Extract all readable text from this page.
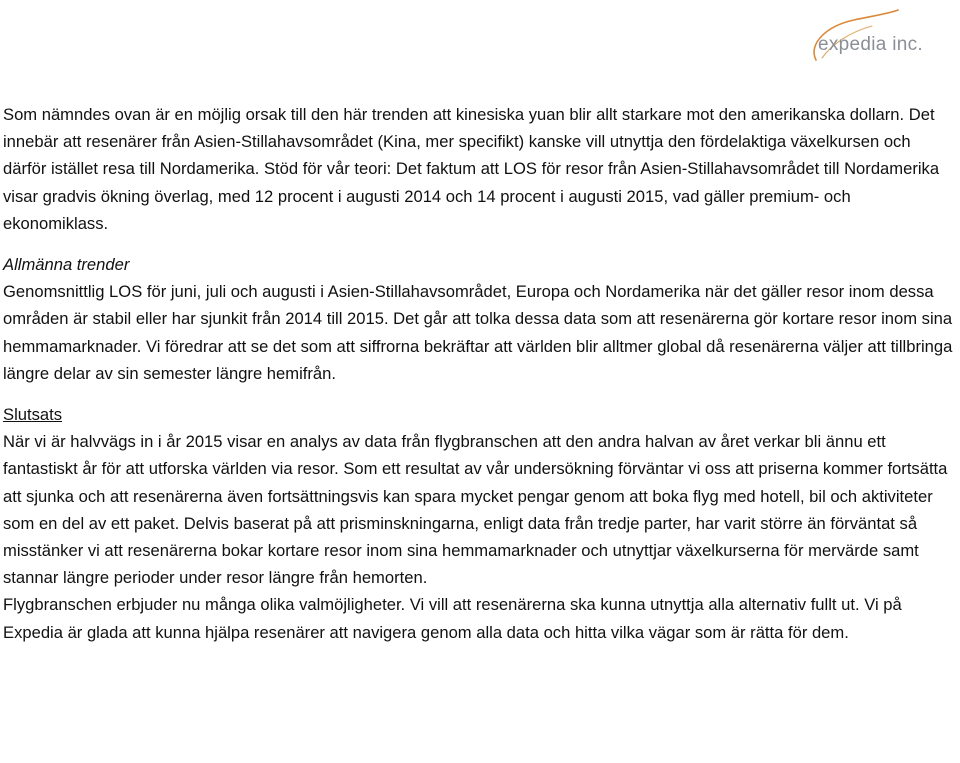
expedia inc.

Som nämndes ovan är en möjlig orsak till den här trenden att kinesiska yuan blir allt starkare mot den amerikanska dollarn. Det innebär att resenärer från Asien-Stillahavsområdet (Kina, mer specifikt) kanske vill utnyttja den fördelaktiga växelkursen och därför istället resa till Nordamerika. Stöd för vår teori: Det faktum att LOS för resor från Asien-Stillahavsområdet till Nordamerika visar gradvis ökning överlag, med 12 procent i augusti 2014 och 14 procent i augusti 2015, vad gäller premium- och ekonomiklass.

Allmänna trender

Genomsnittlig LOS för juni, juli och augusti i Asien-Stillahavsområdet, Europa och Nordamerika när det gäller resor inom dessa områden är stabil eller har sjunkit från 2014 till 2015. Det går att tolka dessa data som att resenärerna gör kortare resor inom sina hemmamarknader. Vi föredrar att se det som att siffrorna bekräftar att världen blir alltmer global då resenärerna väljer att tillbringa längre delar av sin semester längre hemifrån.

Slutsats

När vi är halvvägs in i år 2015 visar en analys av data från flygbranschen att den andra halvan av året verkar bli ännu ett fantastiskt år för att utforska världen via resor. Som ett resultat av vår undersökning förväntar vi oss att priserna kommer fortsätta att sjunka och att resenärerna även fortsättningsvis kan spara mycket pengar genom att boka flyg med hotell, bil och aktiviteter som en del av ett paket. Delvis baserat på att prisminskningarna, enligt data från tredje parter, har varit större än förväntat så misstänker vi att resenärerna bokar kortare resor inom sina hemmamarknader och utnyttjar växelkurserna för mervärde samt stannar längre perioder under resor längre från hemorten.

Flygbranschen erbjuder nu många olika valmöjligheter. Vi vill att resenärerna ska kunna utnyttja alla alternativ fullt ut. Vi på Expedia är glada att kunna hjälpa resenärer att navigera genom alla data och hitta vilka vägar som är rätta för dem.
